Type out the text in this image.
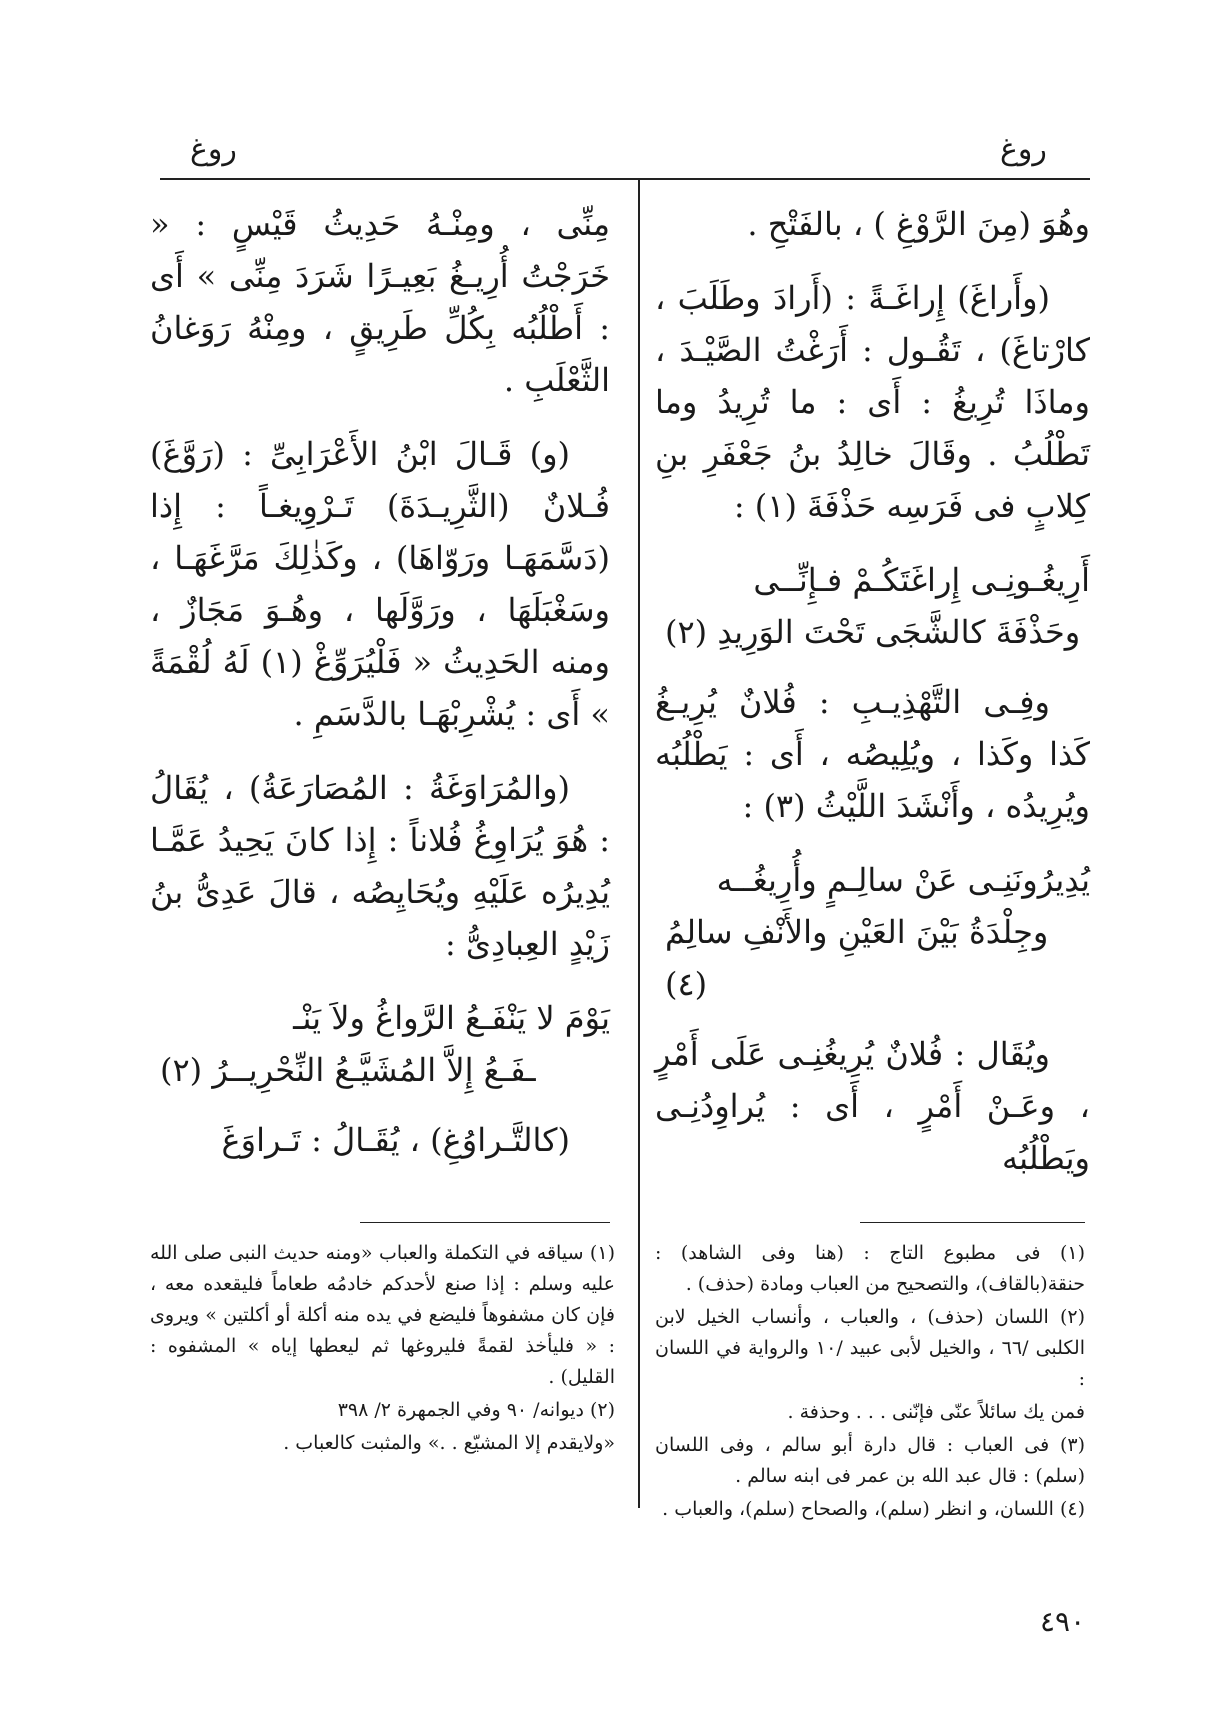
روغ	روغ

وهُوَ (مِنَ الرَّوْغِ ) ، بالفَتْحِ .

(وأَراغَ) إِراغَـةً : (أَرادَ وطَلَبَ ، كارْتاغَ) ، تَقُـول : أَرَغْتُ الصَّيْـدَ ، وماذَا تُرِيغُ : أَى : ما تُرِيدُ وما تَطْلُبُ . وقَالَ خالِدُ بنُ جَعْفَرِ بنِ كِلابٍ فى فَرَسِه حَذْفَةَ (١) :

أَرِيغُـونِـى إِراغَتَكُـمْ فـإِنِّــى
وحَذْفَةَ كالشَّجَى تَحْتَ الوَرِيدِ (٢)

وفِـى التَّهْذِيـبِ : فُلانٌ يُرِيـغُ كَذا وكَذا ، ويُلِيصُه ، أَى : يَطْلُبُه ويُرِيدُه ، وأَنْشَدَ اللَّيْثُ (٣) :

يُدِيرُونَنِـى عَنْ سالِـمٍ وأُرِيغُــه
وجِلْدَةُ بَيْنَ العَيْنِ والأَنْفِ سالِمُ (٤)

ويُقَال : فُلانٌ يُرِيغُنِـى عَلَى أَمْرٍ ، وعَـنْ أَمْرٍ ، أَى : يُراوِدُنِـى ويَطْلُبُه

مِنِّى ، ومِنْـهُ حَدِيثُ قَيْسٍ : « خَرَجْتُ أُرِيـغُ بَعِيـرًا شَرَدَ مِنِّى » أَى : أَطْلُبُه بِكُلِّ طَرِيقٍ ، ومِنْهُ رَوَغانُ الثَّعْلَبِ .

(و) قَـالَ ابْنُ الأَعْرَابِىِّ : (رَوَّغَ) فُـلانٌ (الثَّرِيـدَةَ) تَـرْوِيغـاً : إِذا (دَسَّمَهَـا ورَوّاهَا) ، وكَذٰلِكَ مَرَّغَهَـا ، وسَغْبَلَهَا ، ورَوَّلَها ، وهُـوَ مَجَازٌ ، ومنه الحَدِيثُ « فَلْيُرَوِّغْ (١) لَهُ لُقْمَةً » أَى : يُشْرِبْهَـا بالدَّسَمِ .

(والمُرَاوَغَةُ : المُصَارَعَةُ) ، يُقَالُ : هُوَ يُرَاوِغُ فُلاناً : إِذا كانَ يَحِيدُ عَمَّـا يُدِيرُه عَلَيْهِ ويُحَايِصُه ، قالَ عَدِىُّ بنُ زَيْدٍ العِبادِىُّ :

يَوْمَ لا يَنْفَـعُ الرَّواغُ ولاَ يَنْـ
ـفَـعُ إِلاَّ المُشَيَّـعُ النِّحْرِيــرُ (٢)

(كالتَّـراوُغِ) ، يُقَـالُ : تَـراوَغَ

(١) فى مطبوع التاج : (هنا وفى الشاهد) : حنقة(بالقاف)، والتصحيح من العباب ومادة (حذف) .
(٢) اللسان (حذف) ، والعباب ، وأنساب الخيل لابن الكلبى /٦٦ ، والخيل لأبى عبيد /١٠ والرواية في اللسان :
فمن يك سائلاً عنّى فإنّنى . . . وحذفة .
(٣) فى العباب : قال دارة أبو سالم ، وفى اللسان (سلم) : قال عبد الله بن عمر فى ابنه سالم .
(٤) اللسان، و انظر (سلم)، والصحاح (سلم)، والعباب .
(١) سياقه في التكملة والعباب «ومنه حديث النبى صلى الله عليه وسلم : إذا صنع لأحدكم خادمُه طعاماً فليقعده معه ، فإن كان مشفوهاً فليضع في يده منه أكلة أو أكلتين » ويروى : « فليأخذ لقمةً فليروغها ثم ليعطها إياه » المشفوه : القليل) .
(٢) ديوانه/ ٩٠ وفي الجمهرة ٢/ ٣٩٨
«ولايقدم إلا المشيّع . .» والمثبت كالعباب .
٤٩٠
